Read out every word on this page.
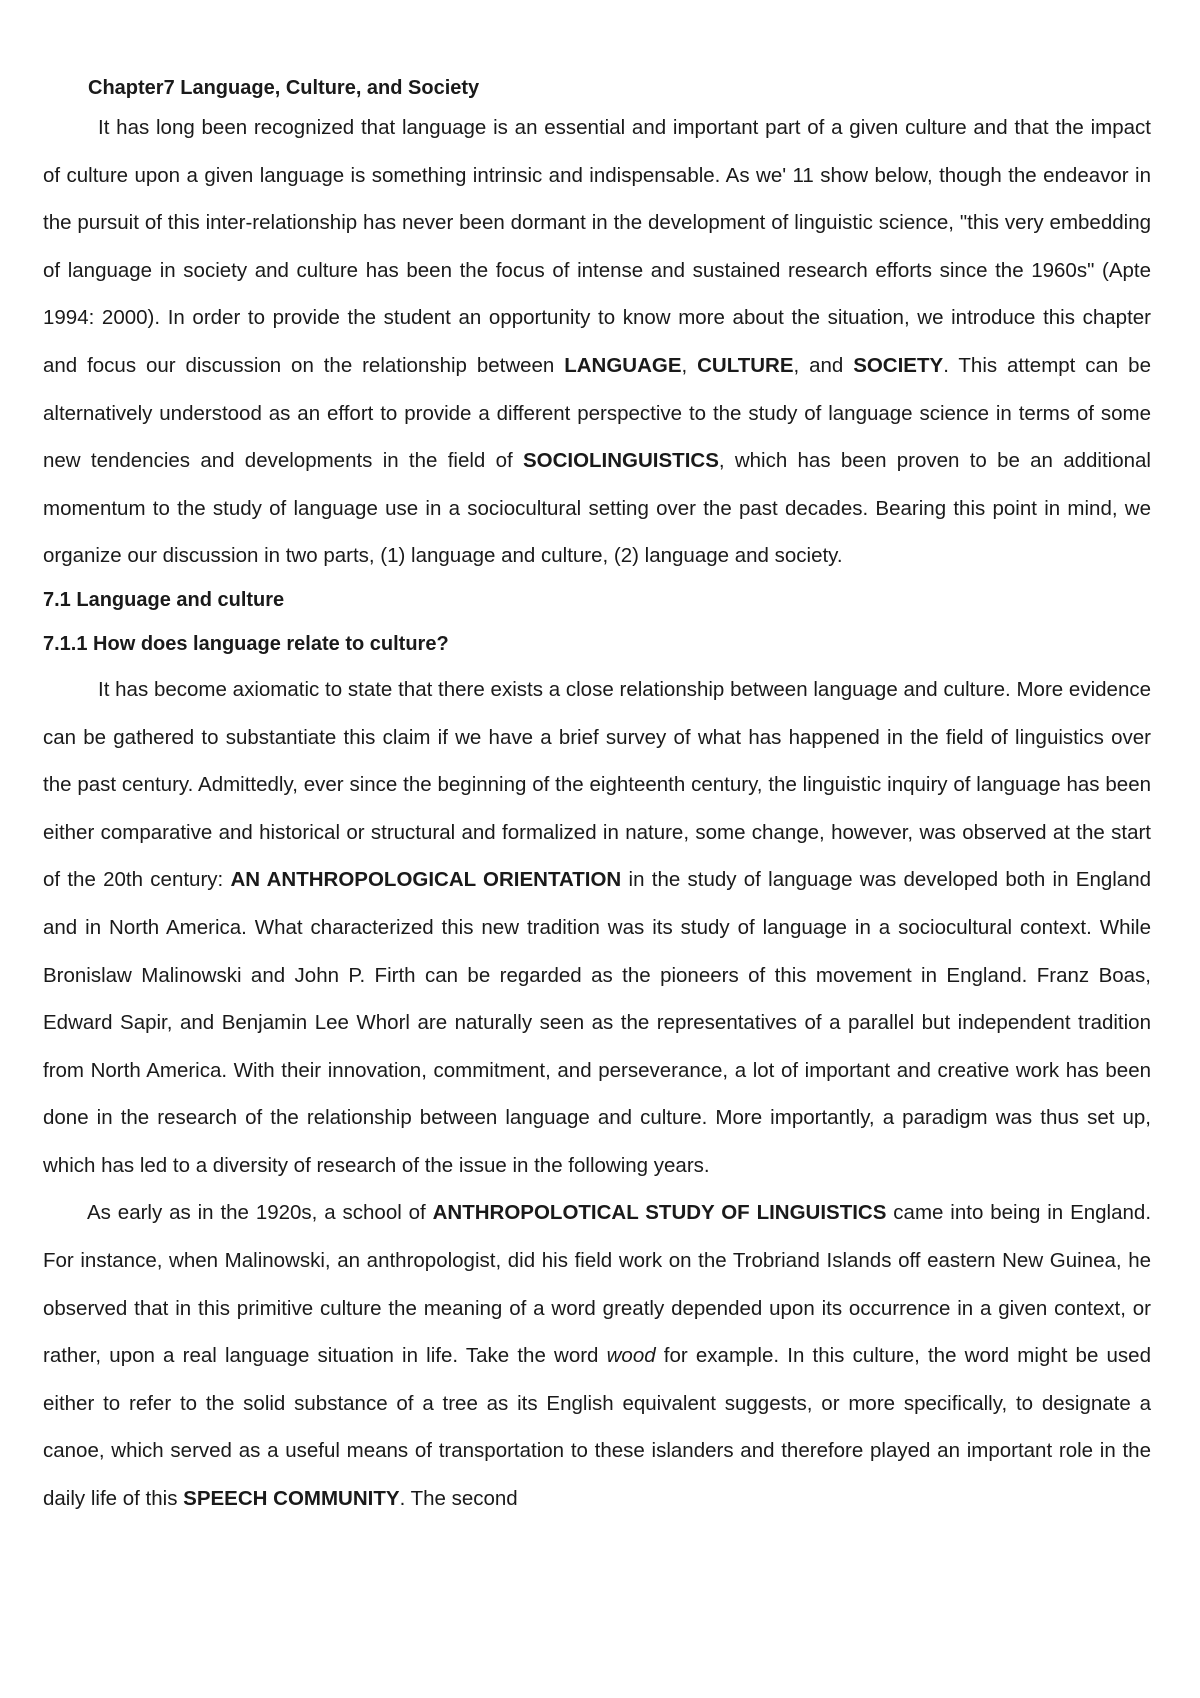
Chapter7 Language, Culture, and Society

It has long been recognized that language is an essential and important part of a given culture and that the impact of culture upon a given language is something intrinsic and indispensable. As we' 11 show below, though the endeavor in the pursuit of this inter-relationship has never been dormant in the development of linguistic science, "this very embedding of language in society and culture has been the focus of intense and sustained research efforts since the 1960s" (Apte 1994: 2000). In order to provide the student an opportunity to know more about the situation, we introduce this chapter and focus our discussion on the relationship between LANGUAGE, CULTURE, and SOCIETY. This attempt can be alternatively understood as an effort to provide a different perspective to the study of language science in terms of some new tendencies and developments in the field of SOCIOLINGUISTICS, which has been proven to be an additional momentum to the study of language use in a sociocultural setting over the past decades. Bearing this point in mind, we organize our discussion in two parts, (1) language and culture, (2) language and society.

7.1 Language and culture
7.1.1 How does language relate to culture?

It has become axiomatic to state that there exists a close relationship between language and culture. More evidence can be gathered to substantiate this claim if we have a brief survey of what has happened in the field of linguistics over the past century. Admittedly, ever since the beginning of the eighteenth century, the linguistic inquiry of language has been either comparative and historical or structural and formalized in nature, some change, however, was observed at the start of the 20th century: AN ANTHROPOLOGICAL ORIENTATION in the study of language was developed both in England and in North America. What characterized this new tradition was its study of language in a sociocultural context. While Bronislaw Malinowski and John P. Firth can be regarded as the pioneers of this movement in England. Franz Boas, Edward Sapir, and Benjamin Lee Whorl are naturally seen as the representatives of a parallel but independent tradition from North America. With their innovation, commitment, and perseverance, a lot of important and creative work has been done in the research of the relationship between language and culture. More importantly, a paradigm was thus set up, which has led to a diversity of research of the issue in the following years.

As early as in the 1920s, a school of ANTHROPOLOTICAL STUDY OF LINGUISTICS came into being in England. For instance, when Malinowski, an anthropologist, did his field work on the Trobriand Islands off eastern New Guinea, he observed that in this primitive culture the meaning of a word greatly depended upon its occurrence in a given context, or rather, upon a real language situation in life. Take the word wood for example. In this culture, the word might be used either to refer to the solid substance of a tree as its English equivalent suggests, or more specifically, to designate a canoe, which served as a useful means of transportation to these islanders and therefore played an important role in the daily life of this SPEECH COMMUNITY. The second
